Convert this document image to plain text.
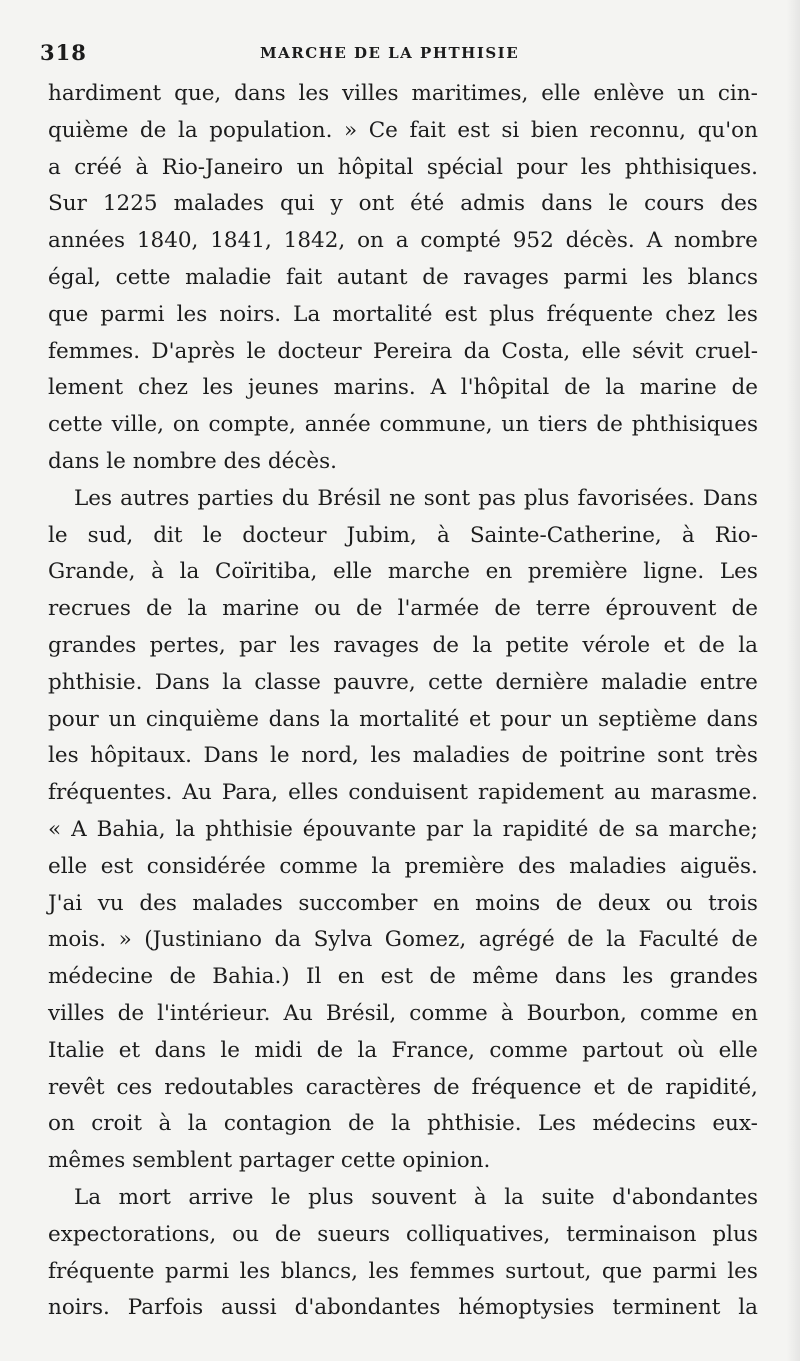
318	MARCHE DE LA PHTHISIE
hardiment que, dans les villes maritimes, elle enlève un cin-
quième de la population. » Ce fait est si bien reconnu, qu'on
a créé à Rio-Janeiro un hôpital spécial pour les phthisiques.
Sur 1225 malades qui y ont été admis dans le cours des
années 1840, 1841, 1842, on a compté 952 décès. A nombre
égal, cette maladie fait autant de ravages parmi les blancs
que parmi les noirs. La mortalité est plus fréquente chez les
femmes. D'après le docteur Pereira da Costa, elle sévit cruel-
lement chez les jeunes marins. A l'hôpital de la marine de
cette ville, on compte, année commune, un tiers de phthisiques
dans le nombre des décès.
Les autres parties du Brésil ne sont pas plus favorisées. Dans
le sud, dit le docteur Jubim, à Sainte-Catherine, à Rio-
Grande, à la Coïritiba, elle marche en première ligne. Les
recrues de la marine ou de l'armée de terre éprouvent de
grandes pertes, par les ravages de la petite vérole et de la
phthisie. Dans la classe pauvre, cette dernière maladie entre
pour un cinquième dans la mortalité et pour un septième dans
les hôpitaux. Dans le nord, les maladies de poitrine sont très
fréquentes. Au Para, elles conduisent rapidement au marasme.
« A Bahia, la phthisie épouvante par la rapidité de sa marche;
elle est considérée comme la première des maladies aiguës.
J'ai vu des malades succomber en moins de deux ou trois
mois. » (Justiniano da Sylva Gomez, agrégé de la Faculté de
médecine de Bahia.) Il en est de même dans les grandes
villes de l'intérieur. Au Brésil, comme à Bourbon, comme en
Italie et dans le midi de la France, comme partout où elle
revêt ces redoutables caractères de fréquence et de rapidité,
on croit à la contagion de la phthisie. Les médecins eux-
mêmes semblent partager cette opinion.
La mort arrive le plus souvent à la suite d'abondantes
expectorations, ou de sueurs colliquatives, terminaison plus
fréquente parmi les blancs, les femmes surtout, que parmi les
noirs. Parfois aussi d'abondantes hémoptysies terminent la
